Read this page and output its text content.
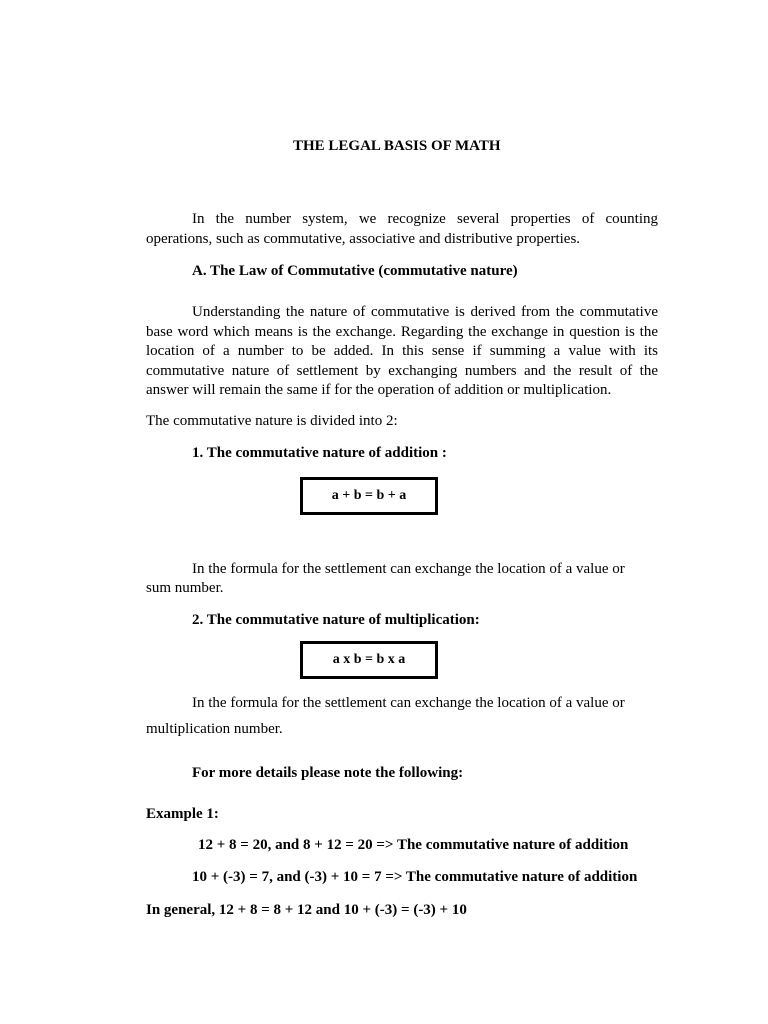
THE LEGAL BASIS OF MATH

In the number system, we recognize several properties of counting operations, such as commutative, associative and distributive properties.

A. The Law of Commutative (commutative nature)

Understanding the nature of commutative is derived from the commutative base word which means is the exchange. Regarding the exchange in question is the location of a number to be added. In this sense if summing a value with its commutative nature of settlement by exchanging numbers and the result of the answer will remain the same if for the operation of addition or multiplication.

The commutative nature is divided into 2:

1. The commutative nature of addition :

a + b = b + a

In the formula for the settlement can exchange the location of a value or

sum number.

2. The commutative nature of multiplication:

a x b = b x a

In the formula for the settlement can exchange the location of a value or

multiplication number.

For more details please note the following:

Example 1:

12 + 8 = 20, and 8 + 12 = 20 => The commutative nature of addition

10 + (-3) = 7, and (-3) + 10 = 7 => The commutative nature of addition

In general, 12 + 8 = 8 + 12 and 10 + (-3) = (-3) + 10
